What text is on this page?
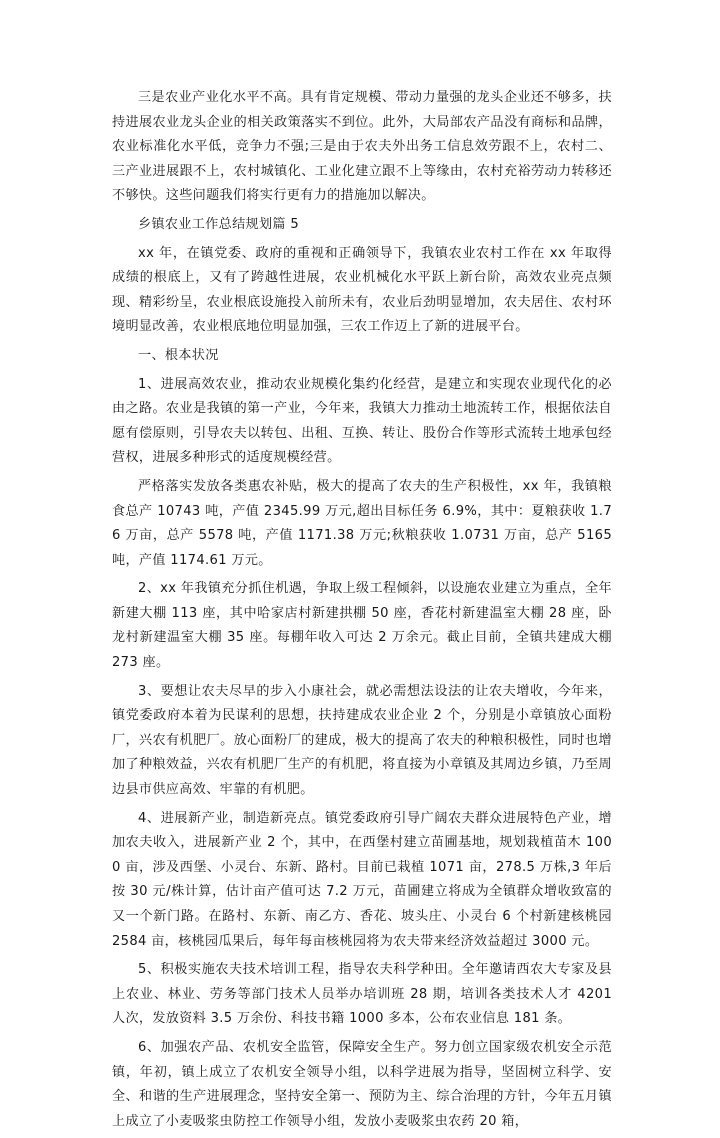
三是农业产业化水平不高。具有肯定规模、带动力量强的龙头企业还不够多，扶持进展农业龙头企业的相关政策落实不到位。此外，大局部农产品没有商标和品牌，农业标准化水平低，竞争力不强;三是由于农夫外出务工信息效劳跟不上，农村二、三产业进展跟不上，农村城镇化、工业化建立跟不上等缘由，农村充裕劳动力转移还不够快。这些问题我们将实行更有力的措施加以解决。

乡镇农业工作总结规划篇 5

xx 年，在镇党委、政府的重视和正确领导下，我镇农业农村工作在 xx 年取得成绩的根底上，又有了跨越性进展，农业机械化水平跃上新台阶，高效农业亮点频现、精彩纷呈，农业根底设施投入前所未有，农业后劲明显增加，农夫居住、农村环境明显改善，农业根底地位明显加强，三农工作迈上了新的进展平台。

一、根本状况

1、进展高效农业，推动农业规模化集约化经营，是建立和实现农业现代化的必由之路。农业是我镇的第一产业，今年来，我镇大力推动土地流转工作，根据依法自愿有偿原则，引导农夫以转包、出租、互换、转让、股份合作等形式流转土地承包经营权，进展多种形式的适度规模经营。

严格落实发放各类惠农补贴，极大的提高了农夫的生产积极性，xx 年，我镇粮食总产 10743 吨，产值 2345.99 万元,超出目标任务 6.9%，其中：夏粮获收 1.76 万亩，总产 5578 吨，产值 1171.38 万元;秋粮获收 1.0731 万亩，总产 5165 吨，产值 1174.61 万元。

2、xx 年我镇充分抓住机遇，争取上级工程倾斜，以设施农业建立为重点，全年新建大棚 113 座，其中哈家店村新建拱棚 50 座，香花村新建温室大棚 28 座，卧龙村新建温室大棚 35 座。每棚年收入可达 2 万余元。截止目前，全镇共建成大棚 273 座。

3、要想让农夫尽早的步入小康社会，就必需想法设法的让农夫增收，今年来，镇党委政府本着为民谋利的思想，扶持建成农业企业 2 个，分别是小章镇放心面粉厂，兴农有机肥厂。放心面粉厂的建成，极大的提高了农夫的种粮积极性，同时也增加了种粮效益，兴农有机肥厂生产的有机肥，将直接为小章镇及其周边乡镇，乃至周边县市供应高效、牢靠的有机肥。

4、进展新产业，制造新亮点。镇党委政府引导广阔农夫群众进展特色产业，增加农夫收入，进展新产业 2 个，其中，在西堡村建立苗圃基地，规划栽植苗木 1000 亩，涉及西堡、小灵台、东新、路村。目前已栽植 1071 亩，278.5 万株,3 年后按 30 元/株计算，估计亩产值可达 7.2 万元，苗圃建立将成为全镇群众增收致富的又一个新门路。在路村、东新、南乙方、香花、坡头庄、小灵台 6 个村新建核桃园 2584 亩，核桃园瓜果后，每年每亩核桃园将为农夫带来经济效益超过 3000 元。

5、积极实施农夫技术培训工程，指导农夫科学种田。全年邀请西农大专家及县上农业、林业、劳务等部门技术人员举办培训班 28 期，培训各类技术人才 4201 人次，发放资料 3.5 万余份、科技书籍 1000 多本，公布农业信息 181 条。

6、加强农产品、农机安全监管，保障安全生产。努力创立国家级农机安全示范镇，年初，镇上成立了农机安全领导小组，以科学进展为指导，坚固树立科学、安全、和谐的生产进展理念，坚持安全第一、预防为主、综合治理的方针，今年五月镇上成立了小麦吸浆虫防控工作领导小组，发放小麦吸浆虫农药 20 箱，
